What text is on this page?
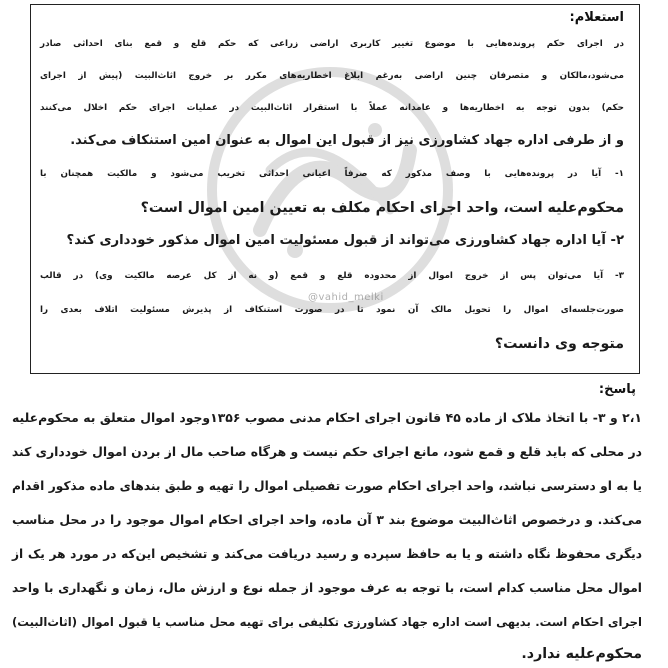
@vahid_melki
استعلام:
در اجرای حکم پرونده‌هایی با موضوع تغییر کاربری اراضی زراعی که حکم قلع و قمع بنای احداثی صادر
می‌شود،مالکان و متصرفان چنین اراضی به‌رغم ابلاغ اخطاریه‌های مکرر بر خروج اثاث‌البیت (پیش از اجرای
حکم) بدون توجه به اخطاریه‌ها و عامدانه عملاً با استقرار اثاث‌البیت در عملیات اجرای حکم اخلال می‌کنند
و از طرفی اداره جهاد کشاورزی نیز از قبول این اموال به عنوان امین استنکاف می‌کند.
۱- آیا در پرونده‌هایی با وصف مذکور که صرفاً اعیانی احداثی تخریب می‌شود و مالکیت همچنان با
محکوم‌علیه است، واحد اجرای احکام مکلف به تعیین امین اموال است؟
۲- آیا اداره جهاد کشاورزی می‌تواند از قبول مسئولیت امین اموال مذکور خودداری کند؟
۳- آیا می‌توان پس از خروج اموال از محدوده قلع و قمع (و نه از کل عرصه مالکیت وی) در قالب
صورت‌جلسه‌ای اموال را تحویل مالک آن نمود تا در صورت استنکاف از پذیرش مسئولیت اتلاف بعدی را
متوجه وی دانست؟
پاسخ:
۲،۱ و ۳- با اتخاذ ملاک از ماده ۴۵ قانون اجرای احکام مدنی مصوب ۱۳۵۶وجود اموال متعلق به محکوم‌علیه
در محلی که باید قلع و قمع شود، مانع اجرای حکم نیست و هرگاه صاحب مال از بردن اموال خودداری کند
یا به او دسترسی نباشد، واحد اجرای احکام صورت تفصیلی اموال را تهیه و طبق بندهای ماده مذکور اقدام
می‌کند. و درخصوص اثاث‌البیت موضوع بند ۳ آن ماده، واحد اجرای احکام اموال موجود را در محل مناسب
دیگری محفوظ نگاه داشته و یا به حافظ سپرده و رسید دریافت می‌کند و تشخیص این‌که در مورد هر یک از
اموال محل مناسب کدام است، با توجه به عرف موجود از جمله نوع و ارزش مال، زمان و نگهداری با واحد
اجرای احکام است. بدیهی است اداره جهاد کشاورزی تکلیفی برای تهیه محل مناسب یا قبول اموال (اثاث‌البیت)
محکوم‌علیه ندارد.
